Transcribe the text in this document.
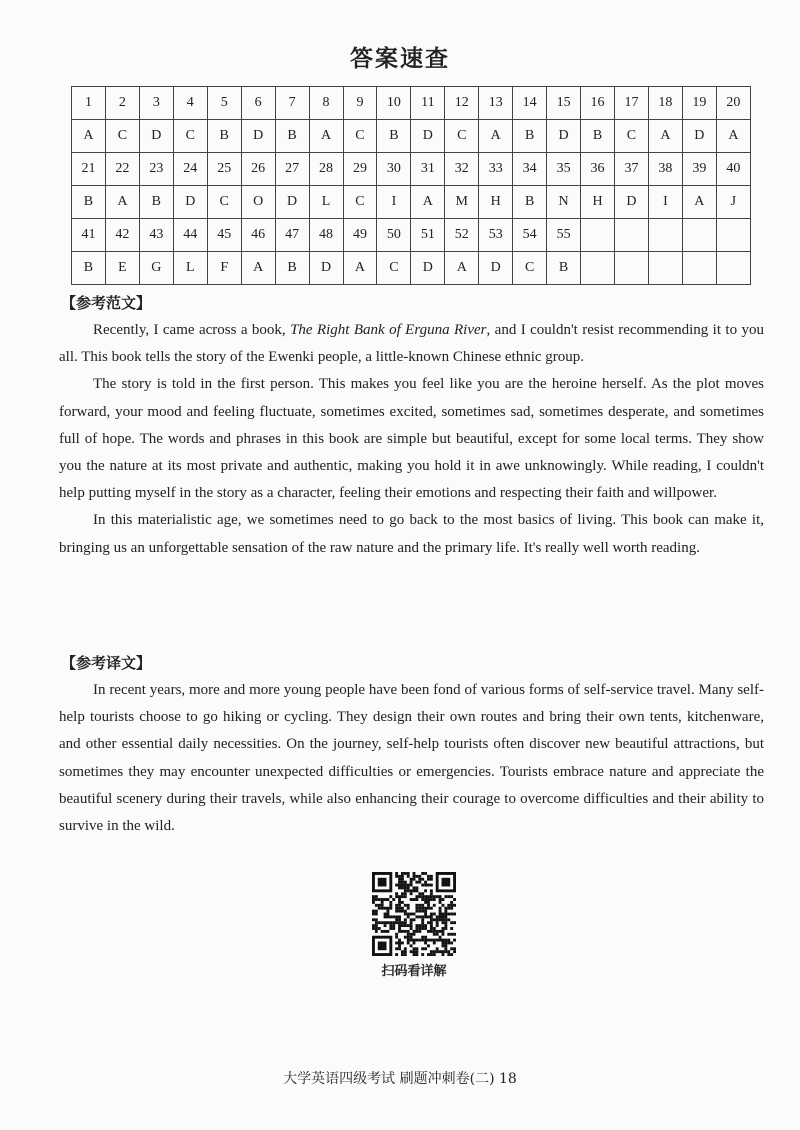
答案速查
1	2	3	4	5	6	7	8	9	10	11	12	13	14	15	16	17	18	19	20
A	C	D	C	B	D	B	A	C	B	D	C	A	B	D	B	C	A	D	A
21	22	23	24	25	26	27	28	29	30	31	32	33	34	35	36	37	38	39	40
B	A	B	D	C	O	D	L	C	I	A	M	H	B	N	H	D	I	A	J
41	42	43	44	45	46	47	48	49	50	51	52	53	54	55					
B	E	G	L	F	A	B	D	A	C	D	A	D	C	B					
【参考范文】

Recently, I came across a book, The Right Bank of Erguna River, and I couldn't resist recommending it to you all. This book tells the story of the Ewenki people, a little-known Chinese ethnic group.

The story is told in the first person. This makes you feel like you are the heroine herself. As the plot moves forward, your mood and feeling fluctuate, sometimes excited, sometimes sad, sometimes desperate, and sometimes full of hope. The words and phrases in this book are simple but beautiful, except for some local terms. They show you the nature at its most private and authentic, making you hold it in awe unknowingly. While reading, I couldn't help putting myself in the story as a character, feeling their emotions and respecting their faith and willpower.

In this materialistic age, we sometimes need to go back to the most basics of living. This book can make it, bringing us an unforgettable sensation of the raw nature and the primary life. It's really well worth reading.

【参考译文】

In recent years, more and more young people have been fond of various forms of self-service travel. Many self-help tourists choose to go hiking or cycling. They design their own routes and bring their own tents, kitchenware, and other essential daily necessities. On the journey, self-help tourists often discover new beautiful attractions, but sometimes they may encounter unexpected difficulties or emergencies. Tourists embrace nature and appreciate the beautiful scenery during their travels, while also enhancing their courage to overcome difficulties and their ability to survive in the wild.

扫码看详解
大学英语四级考试 刷题冲刺卷(二) 18
